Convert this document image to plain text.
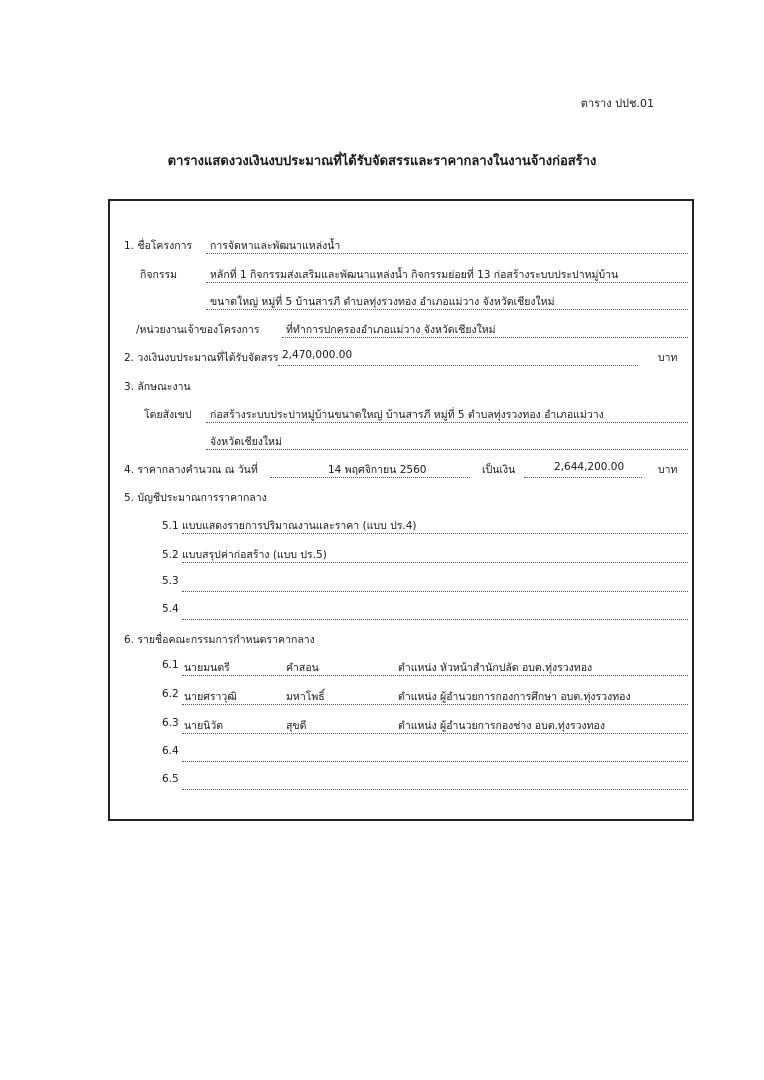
ตาราง ปปช.01
ตารางแสดงวงเงินงบประมาณที่ได้รับจัดสรรและราคากลางในงานจ้างก่อสร้าง
1. ชื่อโครงการ การจัดหาและพัฒนาแหล่งน้ำ
กิจกรรม	หลักที่ 1 กิจกรรมส่งเสริมและพัฒนาแหล่งน้ำ กิจกรรมย่อยที่ 13 ก่อสร้างระบบประปาหมู่บ้าน
ขนาดใหญ่ หมู่ที่ 5 บ้านสารภี ตำบลทุ่งรวงทอง อำเภอแม่วาง จังหวัดเชียงใหม่
/หน่วยงานเจ้าของโครงการ	ที่ทำการปกครองอำเภอแม่วาง จังหวัดเชียงใหม่
2. วงเงินงบประมาณที่ได้รับจัดสรร 2,470,000.00	บาท
3. ลักษณะงาน
โดยสังเขป ก่อสร้างระบบประปาหมู่บ้านขนาดใหญ่ บ้านสารภี หมู่ที่ 5 ตำบลทุ่งรวงทอง อำเภอแม่วาง
จังหวัดเชียงใหม่
4. ราคากลางคำนวณ ณ วันที่	14 พฤศจิกายน 2560	เป็นเงิน	2,644,200.00	บาท
5. บัญชีประมาณการราคากลาง
5.1 แบบแสดงรายการปริมาณงานและราคา (แบบ ปร.4)
5.2 แบบสรุปค่าก่อสร้าง (แบบ ปร.5)
5.3
5.4
6. รายชื่อคณะกรรมการกำหนดราคากลาง
6.1 นายมนตรี	คำสอน	ตำแหน่ง หัวหน้าสำนักปลัด อบต.ทุ่งรวงทอง
6.2 นายศราวุฒิ	มหาโพธิ์	ตำแหน่ง ผู้อำนวยการกองการศึกษา อบต.ทุ่งรวงทอง
6.3 นายนิวัต	สุขดี	ตำแหน่ง ผู้อำนวยการกองช่าง อบต.ทุ่งรวงทอง
6.4
6.5
